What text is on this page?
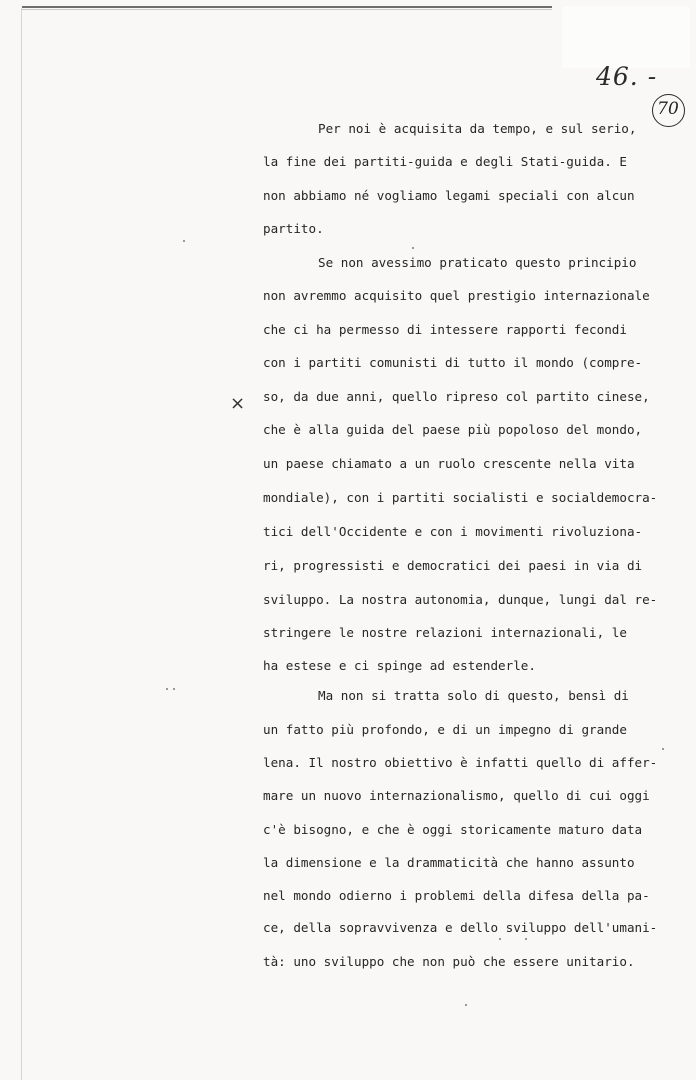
46. -
70
×
Per noi è acquisita da tempo, e sul serio,
la fine dei partiti-guida e degli Stati-guida. E
non abbiamo né vogliamo legami speciali con alcun
partito.
Se non avessimo praticato questo principio
non avremmo acquisito quel prestigio internazionale
che ci ha permesso di intessere rapporti fecondi
con i partiti comunisti di tutto il mondo (compre-
so, da due anni, quello ripreso col partito cinese,
che è alla guida del paese più popoloso del mondo,
un paese chiamato a un ruolo crescente nella vita
mondiale), con i partiti socialisti e socialdemocra-
tici dell'Occidente e con i movimenti rivoluziona-
ri, progressisti e democratici dei paesi in via di
sviluppo. La nostra autonomia, dunque, lungi dal re-
stringere le nostre relazioni internazionali, le
ha estese e ci spinge ad estenderle.
Ma non si tratta solo di questo, bensì di
un fatto più profondo, e di un impegno di grande
lena. Il nostro obiettivo è infatti quello di affer-
mare un nuovo internazionalismo, quello di cui oggi
c'è bisogno, e che è oggi storicamente maturo data
la dimensione e la drammaticità che hanno assunto
nel mondo odierno i problemi della difesa della pa-
ce, della sopravvivenza e dello sviluppo dell'umani-
tà: uno sviluppo che non può che essere unitario.
